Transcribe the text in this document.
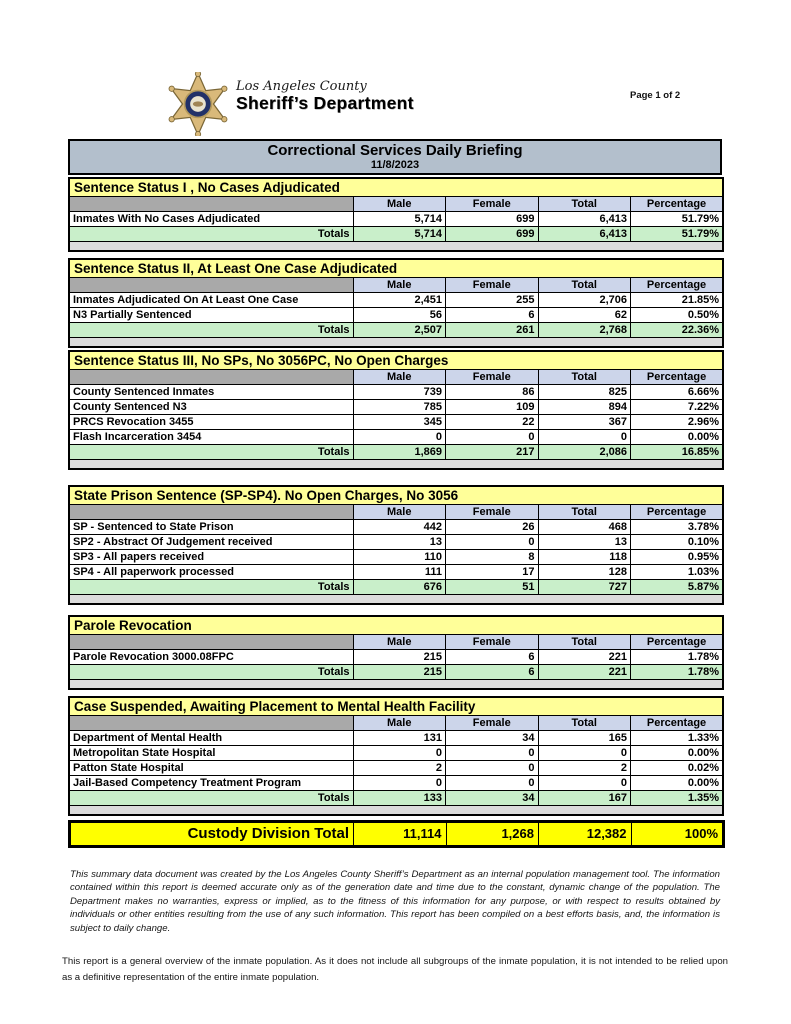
Los Angeles County
Sheriff’s Department	Page 1 of 2
Correctional Services Daily Briefing
11/8/2023
Sentence Status I , No Cases Adjudicated				
	Male	Female	Total	Percentage
Inmates With No Cases Adjudicated	5,714	699	6,413	51.79%
Totals	5,714	699	6,413	51.79%

Sentence Status II, At Least One Case Adjudicated				
	Male	Female	Total	Percentage
Inmates Adjudicated On At Least One Case	2,451	255	2,706	21.85%
N3 Partially Sentenced	56	6	62	0.50%
Totals	2,507	261	2,768	22.36%

Sentence Status III, No SPs, No 3056PC, No Open Charges				
	Male	Female	Total	Percentage
County Sentenced Inmates	739	86	825	6.66%
County Sentenced N3	785	109	894	7.22%
PRCS Revocation 3455	345	22	367	2.96%
Flash Incarceration 3454	0	0	0	0.00%
Totals	1,869	217	2,086	16.85%

State Prison Sentence (SP-SP4). No Open Charges, No 3056				
	Male	Female	Total	Percentage
SP - Sentenced to State Prison	442	26	468	3.78%
SP2 - Abstract Of Judgement received	13	0	13	0.10%
SP3 - All papers received	110	8	118	0.95%
SP4 - All paperwork processed	111	17	128	1.03%
Totals	676	51	727	5.87%

Parole Revocation				
	Male	Female	Total	Percentage
Parole Revocation 3000.08FPC	215	6	221	1.78%
Totals	215	6	221	1.78%

Case Suspended, Awaiting Placement to Mental Health Facility				
	Male	Female	Total	Percentage
Department of Mental Health	131	34	165	1.33%
Metropolitan State Hospital	0	0	0	0.00%
Patton State Hospital	2	0	2	0.02%
Jail-Based Competency Treatment Program	0	0	0	0.00%
Totals	133	34	167	1.35%

Custody Division Total	11,114	1,268	12,382	100%

This summary data document was created by the Los Angeles County Sheriff’s Department as an internal population management tool. The information contained within this report is deemed accurate only as of the generation date and time due to the constant, dynamic change of the population. The Department makes no warranties, express or implied, as to the fitness of this information for any purpose, or with respect to results obtained by individuals or other entities resulting from the use of any such information. This report has been compiled on a best efforts basis, and, the information is subject to daily change.

This report is a general overview of the inmate population. As it does not include all subgroups of the inmate population, it is not intended to be relied upon as a definitive representation of the entire inmate population.
